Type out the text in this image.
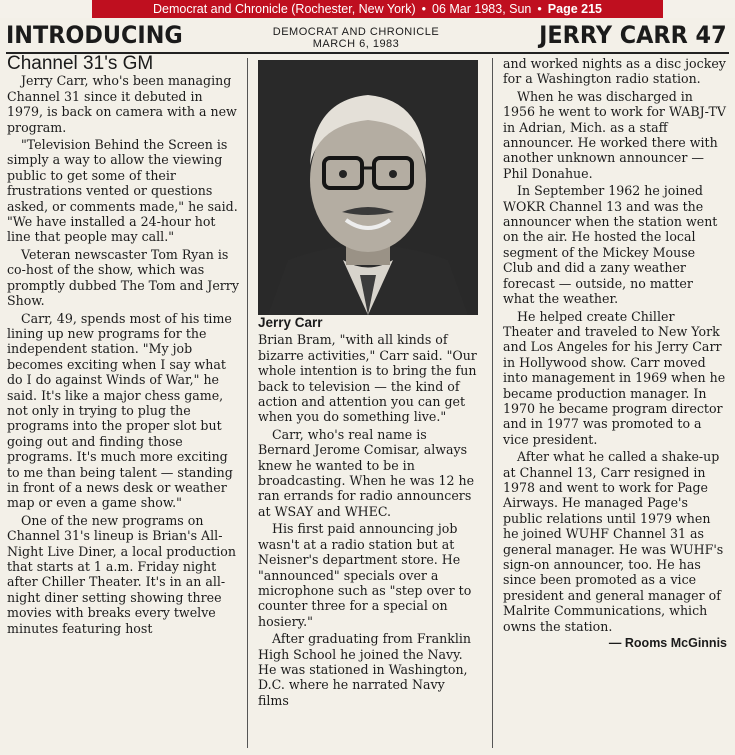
Democrat and Chronicle (Rochester, New York) • 06 Mar 1983, Sun • Page 215
INTRODUCING	DEMOCRAT AND CHRONICLE
MARCH 6, 1983	JERRY CARR 47

Channel 31's GM

Jerry Carr, who's been managing Channel 31 since it debuted in 1979, is back on camera with a new program.

"Television Behind the Screen is simply a way to allow the viewing public to get some of their frustrations vented or questions asked, or comments made," he said. "We have installed a 24-hour hot line that people may call."

Veteran newscaster Tom Ryan is co-host of the show, which was promptly dubbed The Tom and Jerry Show.

Carr, 49, spends most of his time lining up new programs for the independent station. "My job becomes exciting when I say what do I do against Winds of War," he said. It's like a major chess game, not only in trying to plug the programs into the proper slot but going out and finding those programs. It's much more exciting to me than being talent — standing in front of a news desk or weather map or even a game show."

One of the new programs on Channel 31's lineup is Brian's All-Night Live Diner, a local production that starts at 1 a.m. Friday night after Chiller Theater. It's in an all-night diner setting showing three movies with breaks every twelve minutes featuring host

Jerry Carr

Brian Bram, "with all kinds of bizarre activities," Carr said. "Our whole intention is to bring the fun back to television — the kind of action and attention you can get when you do something live."

Carr, who's real name is Bernard Jerome Comisar, always knew he wanted to be in broadcasting. When he was 12 he ran errands for radio announcers at WSAY and WHEC.

His first paid announcing job wasn't at a radio station but at Neisner's department store. He "announced" specials over a microphone such as "step over to counter three for a special on hosiery."

After graduating from Franklin High School he joined the Navy. He was stationed in Washington, D.C. where he narrated Navy films

and worked nights as a disc jockey for a Washington radio station.

When he was discharged in 1956 he went to work for WABJ-TV in Adrian, Mich. as a staff announcer. He worked there with another unknown announcer — Phil Donahue.

In September 1962 he joined WOKR Channel 13 and was the announcer when the station went on the air. He hosted the local segment of the Mickey Mouse Club and did a zany weather forecast — outside, no matter what the weather.

He helped create Chiller Theater and traveled to New York and Los Angeles for his Jerry Carr in Hollywood show. Carr moved into management in 1969 when he became production manager. In 1970 he became program director and in 1977 was promoted to a vice president.

After what he called a shake-up at Channel 13, Carr resigned in 1978 and went to work for Page Airways. He managed Page's public relations until 1979 when he joined WUHF Channel 31 as general manager. He was WUHF's sign-on announcer, too. He has since been promoted as a vice president and general manager of Malrite Communications, which owns the station.

— Rooms McGinnis
